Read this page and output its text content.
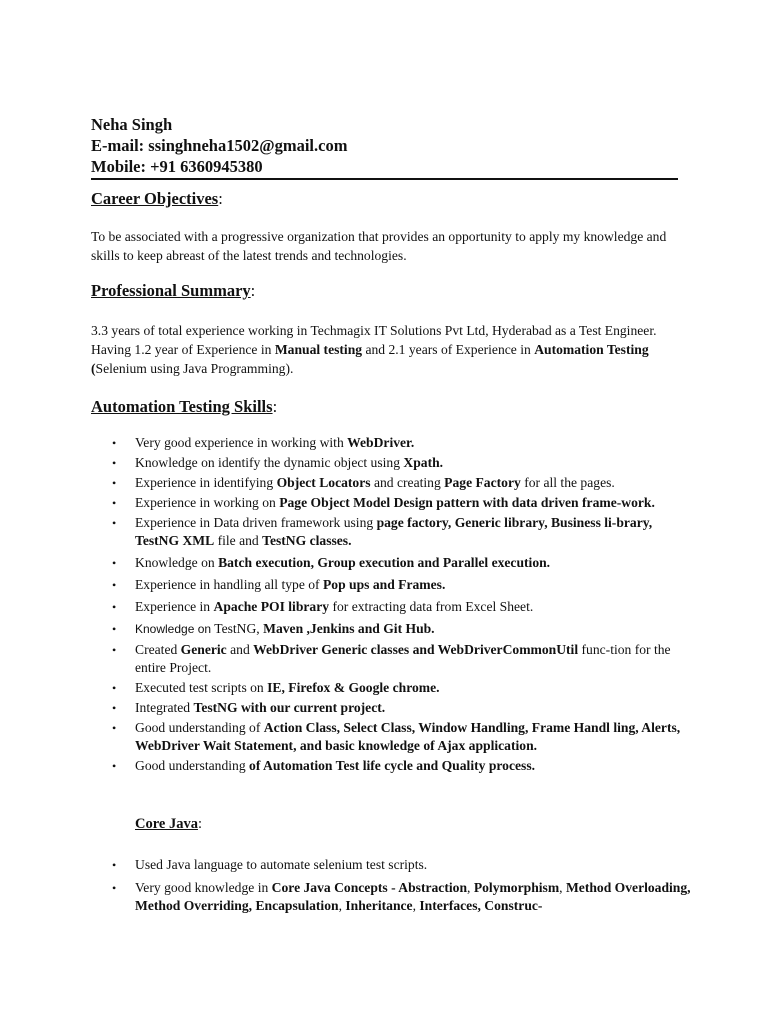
Neha Singh
E-mail: ssinghneha1502@gmail.com
Mobile: +91 6360945380
Career Objectives:
To be associated with a progressive organization that provides an opportunity to apply my knowledge and skills to keep abreast of the latest trends and technologies.
Professional Summary:
3.3 years of total experience working in Techmagix IT Solutions Pvt Ltd, Hyderabad as a Test Engineer. Having 1.2 year of Experience in Manual testing and 2.1 years of Experience in Automation Testing (Selenium using Java Programming).
Automation Testing Skills:
• Very good experience in working with WebDriver.
• Knowledge on identify the dynamic object using Xpath.
• Experience in identifying Object Locators and creating Page Factory for all the pages.
• Experience in working on Page Object Model Design pattern with data driven frame-work.
• Experience in Data driven framework using page factory, Generic library, Business li-brary, TestNG XML file and TestNG classes.
• Knowledge on Batch execution, Group execution and Parallel execution.
• Experience in handling all type of Pop ups and Frames.
• Experience in Apache POI library for extracting data from Excel Sheet.
• Knowledge on TestNG, Maven ,Jenkins and Git Hub.
• Created Generic and WebDriver Generic classes and WebDriverCommonUtil func-tion for the entire Project.
• Executed test scripts on IE, Firefox & Google chrome.
• Integrated TestNG with our current project.
• Good understanding of Action Class, Select Class, Window Handling, Frame Handl ling, Alerts, WebDriver Wait Statement, and basic knowledge of Ajax application.
• Good understanding of Automation Test life cycle and Quality process.
Core Java:
• Used Java language to automate selenium test scripts.
• Very good knowledge in Core Java Concepts - Abstraction, Polymorphism, Method Overloading, Method Overriding, Encapsulation, Inheritance, Interfaces, Construc-
